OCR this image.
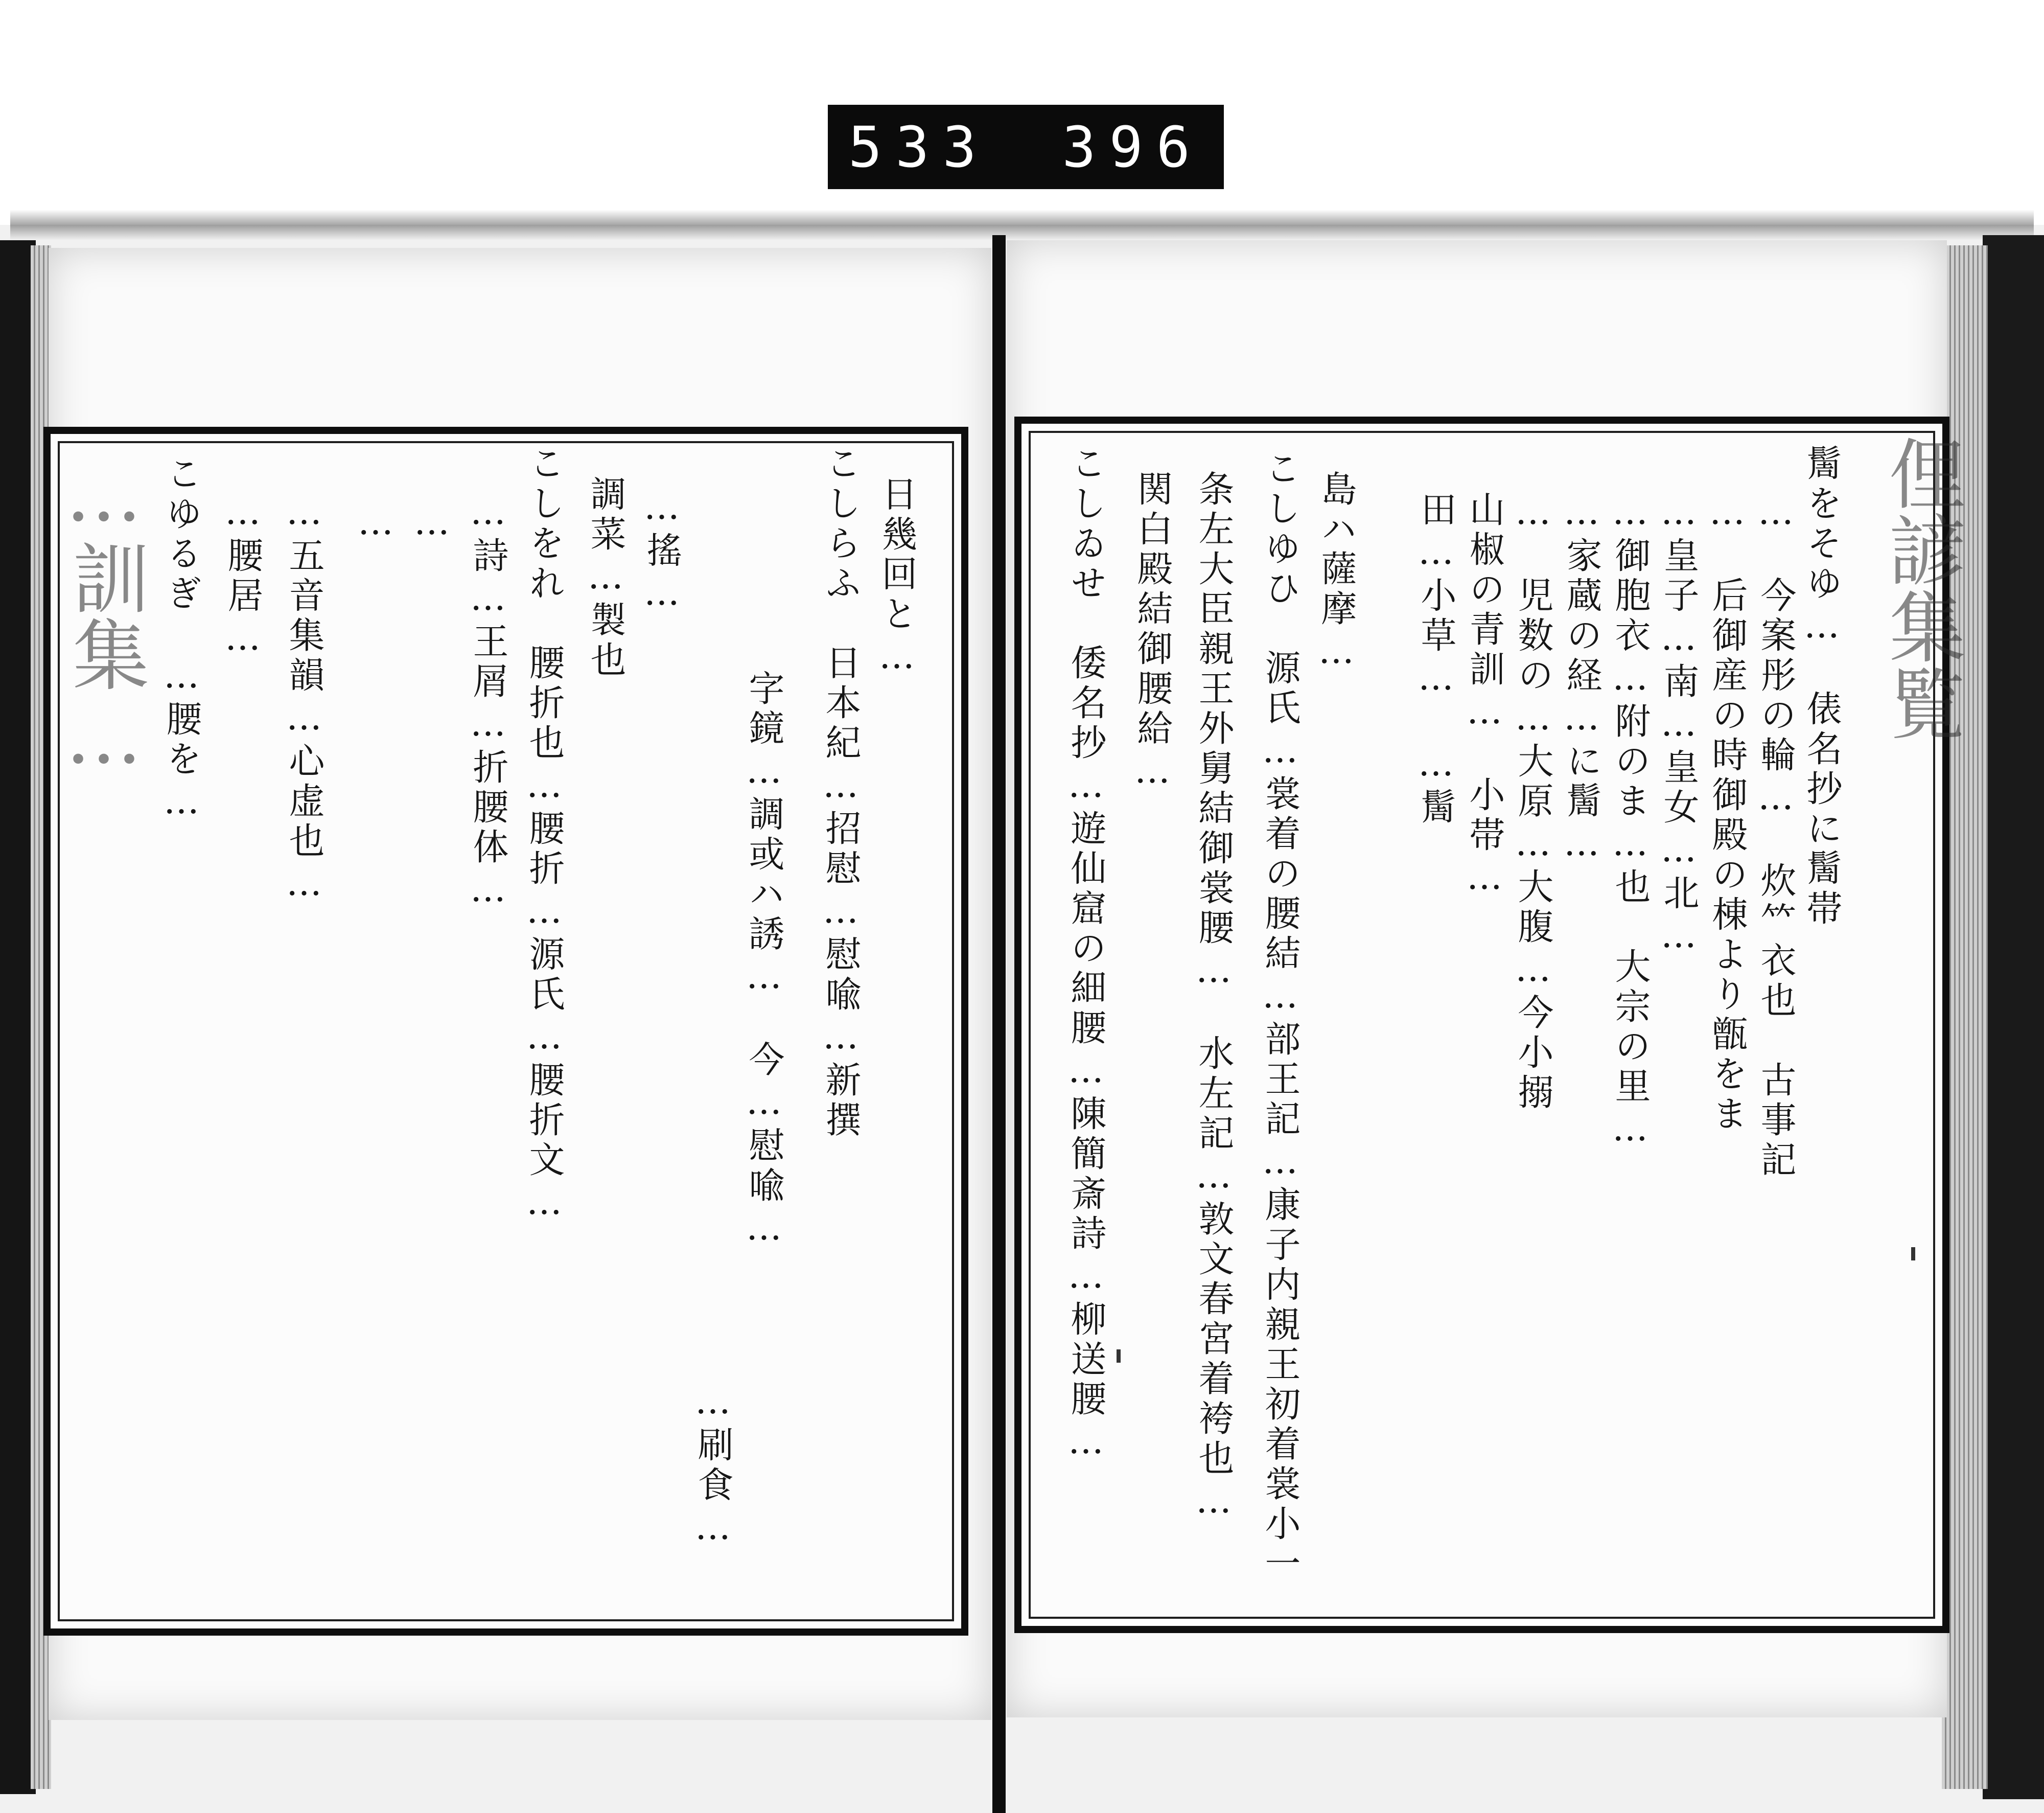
533 396
…訓集…	日幾回と…
こしらふ　日本紀…招慰…慰喩…新撰
字鏡…調或ハ誘…　今…慰喩…
…刷食…
…搖…
調菜…製也
こしをれ　腰折也…腰折…源氏…腰折文…
…詩…王屑…折腰体…
…
…
…五音集韻…心虚也…
…腰居…
こゆるぎ　…腰を…	俚諺集覧
䯾をそゆ…　俵名抄に䯾帯
…　今案彤の輪…　炊𥫗衣也　古事記
…　后御産の時御殿の棟より甑をま
…皇子…南…皇女…北…
…御胞衣…附のま…也　大宗の里…
…家蔵の経…に䯾…
…　児数の…大原…大腹…今小搦
山椒の青訓…　小帯…
田…小草…　…䯾
島ハ薩摩…
こしゆひ　源氏…裳着の腰結…部王記…康子内親王初着裳小一
条左大臣親王外舅結御裳腰…　水左記…敦文春宮着袴也…
関白殿結御腰給…
こしゐせ　倭名抄…遊仙窟の細腰…陳簡斎詩…柳送腰…
